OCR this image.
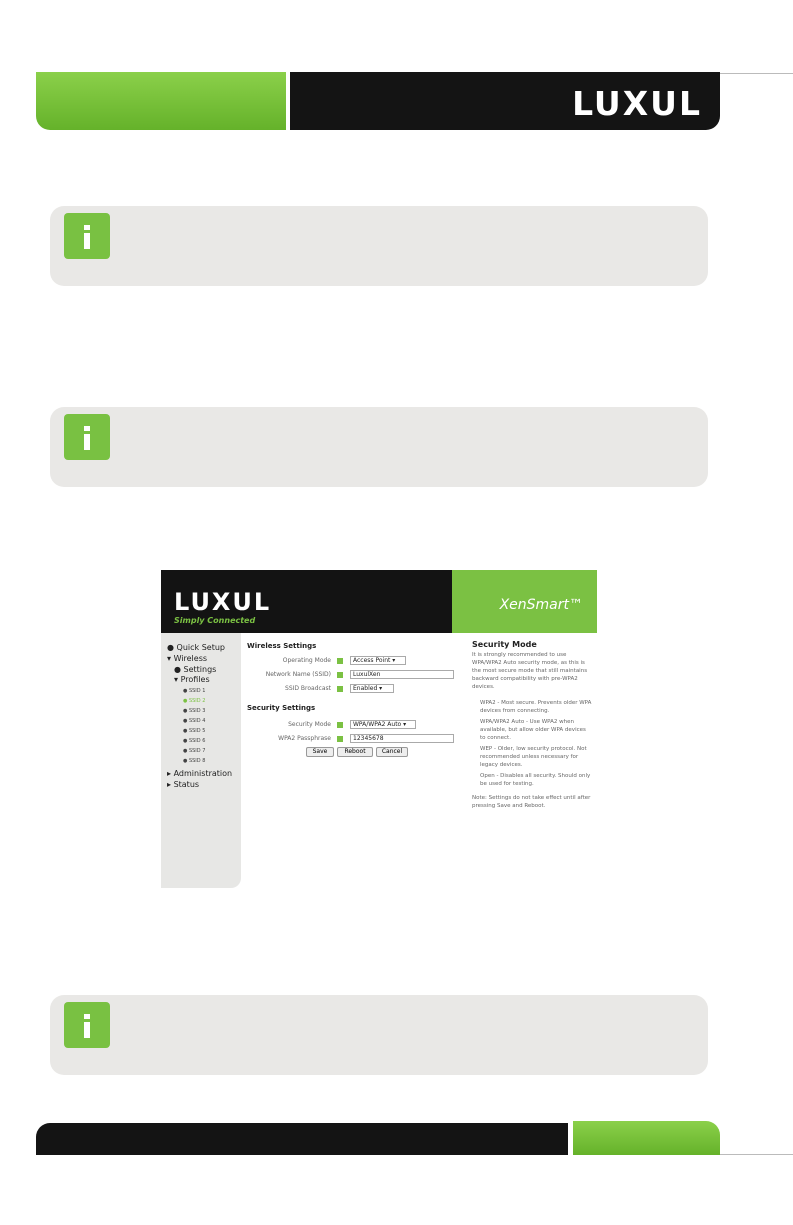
LUXUL
LUXUL
Simply Connected
XenSmart™
● Quick Setup
▾ Wireless
● Settings
▾ Profiles
● SSID 1
● SSID 2
● SSID 3
● SSID 4
● SSID 5
● SSID 6
● SSID 7
● SSID 8
▸ Administration
▸ Status
Wireless Settings
Operating Mode	Access Point ▾
Network Name (SSID)	LuxulXen
SSID Broadcast	Enabled ▾
Security Settings
Security Mode	WPA/WPA2 Auto ▾
WPA2 Passphrase	12345678
Save	Reboot	Cancel
Security Mode
It is strongly recommended to use WPA/WPA2 Auto security mode, as this is the most secure mode that still maintains backward compatibility with pre-WPA2 devices.
WPA2 - Most secure. Prevents older WPA devices from connecting.
WPA/WPA2 Auto - Use WPA2 when available, but allow older WPA devices to connect.
WEP - Older, low security protocol. Not recommended unless necessary for legacy devices.
Open - Disables all security. Should only be used for testing.
Note: Settings do not take effect until after pressing Save and Reboot.
